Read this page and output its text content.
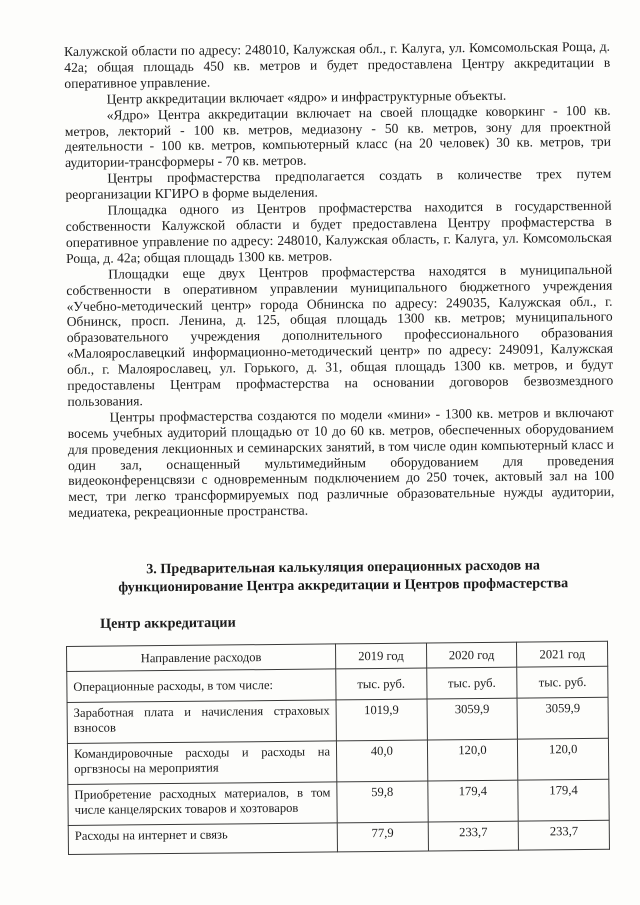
Калужской области по адресу: 248010, Калужская обл., г. Калуга, ул. Комсомольская Роща, д. 42а; общая площадь 450 кв. метров и будет предоставлена Центру аккредитации в оперативное управление.

Центр аккредитации включает «ядро» и инфраструктурные объекты.

«Ядро» Центра аккредитации включает на своей площадке коворкинг - 100 кв. метров, лекторий - 100 кв. метров, медиазону - 50 кв. метров, зону для проектной деятельности - 100 кв. метров, компьютерный класс (на 20 человек) 30 кв. метров, три аудитории-трансформеры - 70 кв. метров.

Центры профмастерства предполагается создать в количестве трех путем реорганизации КГИРО в форме выделения.

Площадка одного из Центров профмастерства находится в государственной собственности Калужской области и будет предоставлена Центру профмастерства в оперативное управление по адресу: 248010, Калужская область, г. Калуга, ул. Комсомольская Роща, д. 42а; общая площадь 1300 кв. метров.

Площадки еще двух Центров профмастерства находятся в муниципальной собственности в оперативном управлении муниципального бюджетного учреждения «Учебно-методический центр» города Обнинска по адресу: 249035, Калужская обл., г. Обнинск, просп. Ленина, д. 125, общая площадь 1300 кв. метров; муниципального образовательного учреждения дополнительного профессионального образования «Малоярославецкий информационно-методический центр» по адресу: 249091, Калужская обл., г. Малоярославец, ул. Горького, д. 31, общая площадь 1300 кв. метров, и будут предоставлены Центрам профмастерства на основании договоров безвозмездного пользования.

Центры профмастерства создаются по модели «мини» - 1300 кв. метров и включают восемь учебных аудиторий площадью от 10 до 60 кв. метров, обеспеченных оборудованием для проведения лекционных и семинарских занятий, в том числе один компьютерный класс и один зал, оснащенный мультимедийным оборудованием для проведения видеоконференцсвязи с одновременным подключением до 250 точек, актовый зал на 100 мест, три легко трансформируемых под различные образовательные нужды аудитории, медиатека, рекреационные пространства.

3. Предварительная калькуляция операционных расходов на
функционирование Центра аккредитации и Центров профмастерства
Центр аккредитации
Направление расходов	2019 год	2020 год	2021 год
Операционные расходы, в том числе:	тыс. руб.	тыс. руб.	тыс. руб.
Заработная плата и начисления страховых взносов	1019,9	3059,9	3059,9
Командировочные расходы и расходы на оргвзносы на мероприятия	40,0	120,0	120,0
Приобретение расходных материалов, в том числе канцелярских товаров и хозтоваров	59,8	179,4	179,4
Расходы на интернет и связь	77,9	233,7	233,7
